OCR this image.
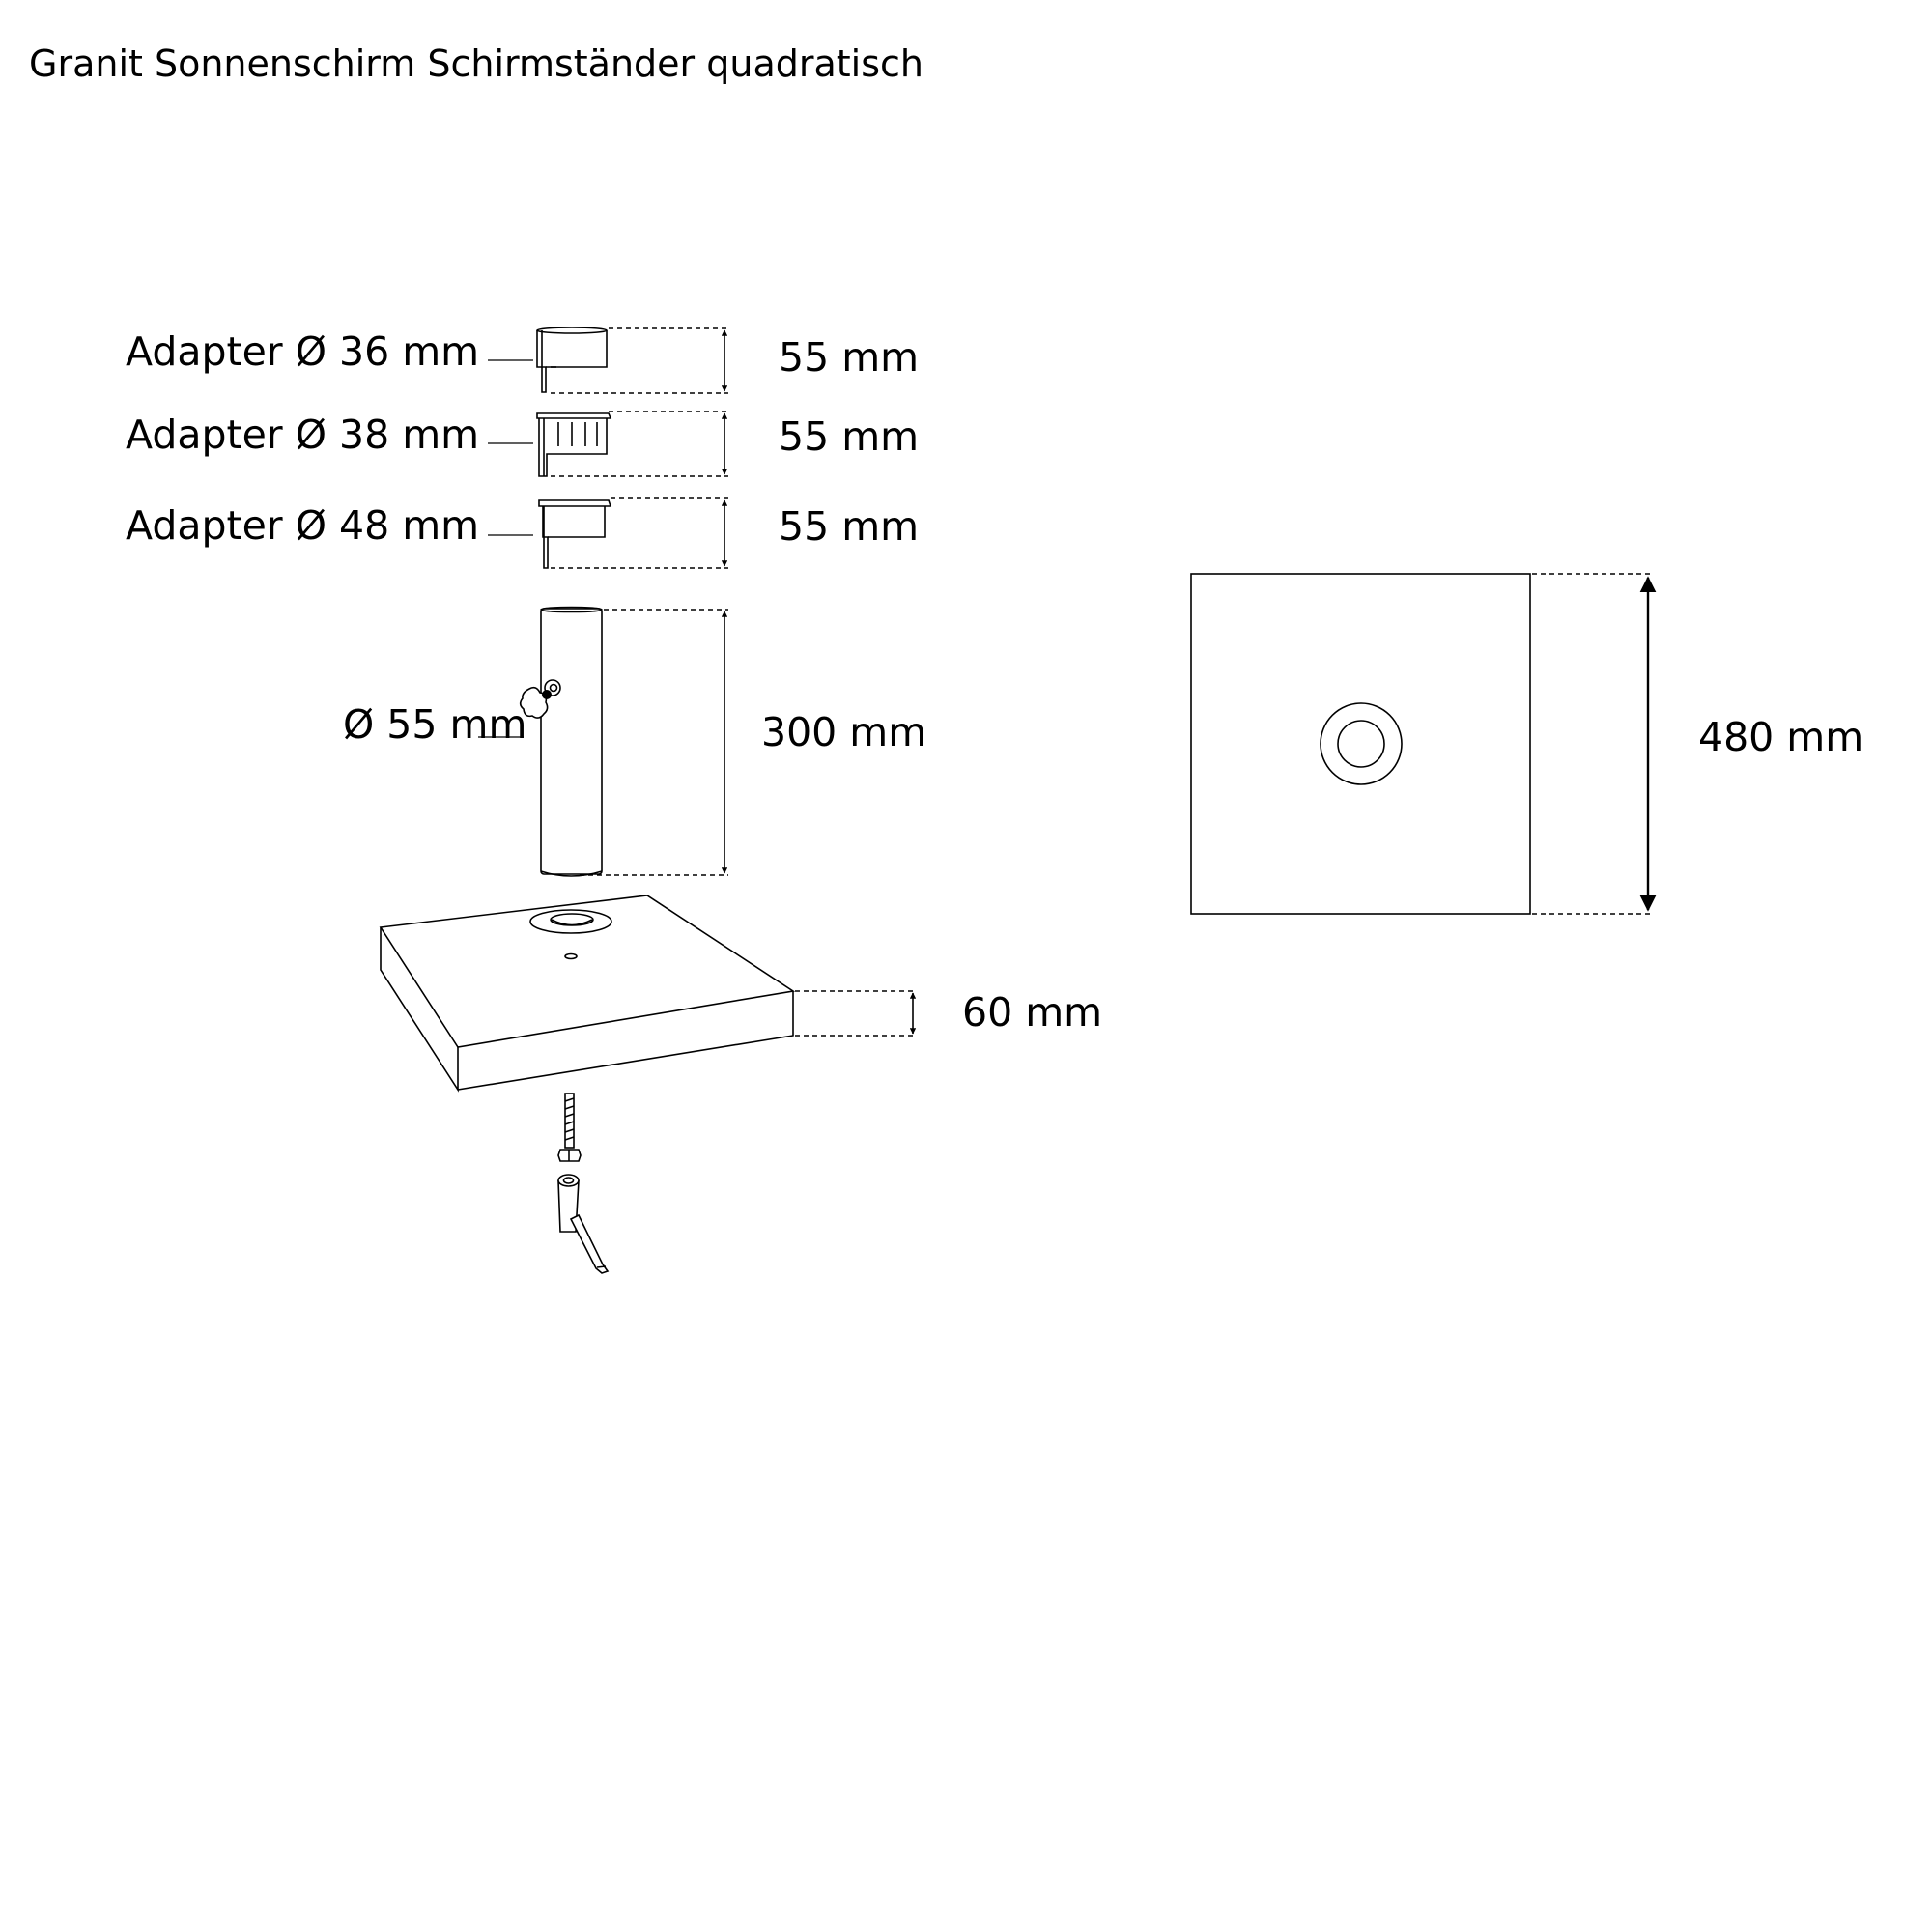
Granit Sonnenschirm Schirmständer quadratisch
Adapter Ø 36 mm	55 mm
Adapter Ø 38 mm	55 mm
Adapter Ø 48 mm	55 mm
Ø 55 mm	300 mm
60 mm
480 mm
